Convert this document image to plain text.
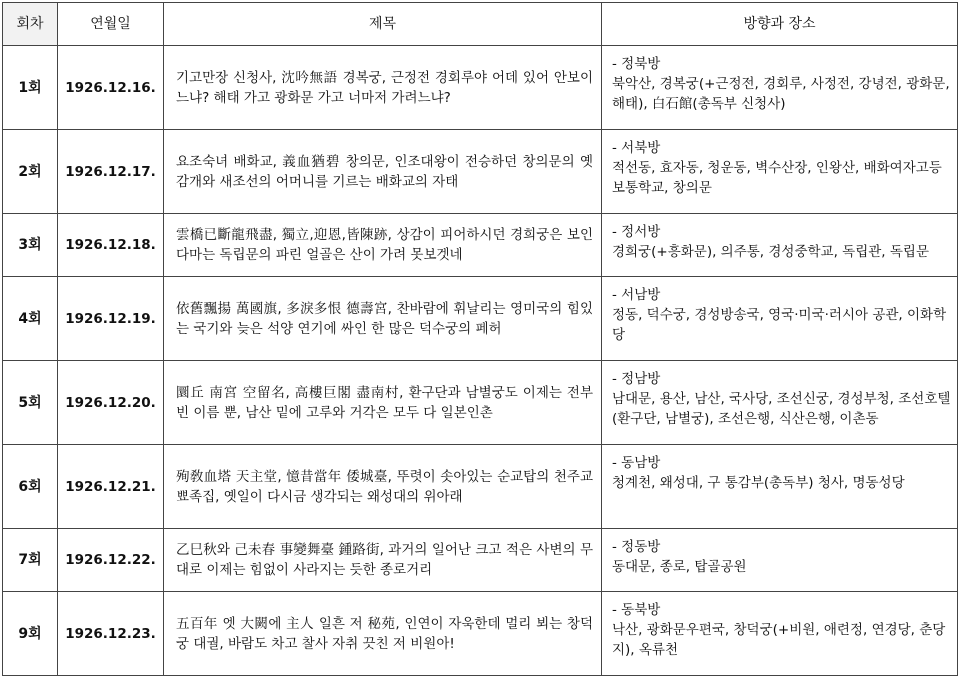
회차	연월일	제목	방향과 장소
1회	1926.12.16.	기고만장 신청사, 沈吟無語 경복궁, 근정전 경회루야 어데 있어 안보이느냐? 해태 가고 광화문 가고 너마저 가려느냐?	- 정북방
북악산, 경복궁(+근정전, 경회루, 사정전, 강녕전, 광화문, 해태), 白石館(총독부 신청사)

2회	1926.12.17.	요조숙녀 배화교, 義血猶碧 창의문, 인조대왕이 전승하던 창의문의 옛 감개와 새조선의 어머니를 기르는 배화교의 자태	- 서북방
적선동, 효자동, 청운동, 벽수산장, 인왕산, 배화여자고등보통학교, 창의문

3회	1926.12.18.	雲橋已斷龍飛盡, 獨立,迎恩,皆陳跡, 상감이 피어하시던 경희궁은 보인다마는 독립문의 파린 얼골은 산이 가려 못보겟네	- 정서방
경희궁(+흥화문), 의주통, 경성중학교, 독립관, 독립문

4회	1926.12.19.	依舊飄揚 萬國旗, 多淚多恨 德壽宮, 찬바람에 휘날리는 영미국의 힘있는 국기와 늦은 석양 연기에 싸인 한 많은 덕수궁의 페허	- 서남방
정동, 덕수궁, 경성방송국, 영국·미국·러시아 공관, 이화학당

5회	1926.12.20.	圜丘 南宮 空留名, 高樓巨閣 盡南村, 환구단과 남별궁도 이제는 전부 빈 이름 뿐, 남산 밑에 고루와 거각은 모두 다 일본인촌	- 정남방
남대문, 용산, 남산, 국사당, 조선신궁, 경성부청, 조선호텔(환구단, 남별궁), 조선은행, 식산은행, 이촌동

6회	1926.12.21.	殉敎血塔 天主堂, 憶昔當年 倭城臺, 뚜렷이 솟아있는 순교탑의 천주교 뾰족집, 옛일이 다시금 생각되는 왜성대의 위아래	- 동남방
청계천, 왜성대, 구 통감부(총독부) 청사, 명동성당

7회	1926.12.22.	乙巳秋와 己未春 事變舞臺 鍾路街, 과거의 일어난 크고 적은 사변의 무대로 이제는 힘없이 사라지는 듯한 종로거리	- 정동방
동대문, 종로, 탑골공원

9회	1926.12.23.	五百年 엣 大闕에 主人 일흔 저 秘苑, 인연이 자욱한데 멀리 뵈는 창덕궁 대궐, 바람도 차고 찰사 자취 끗친 저 비원아!	- 동북방
낙산, 광화문우편국, 창덕궁(+비원, 애련정, 연경당, 춘당지), 옥류천
